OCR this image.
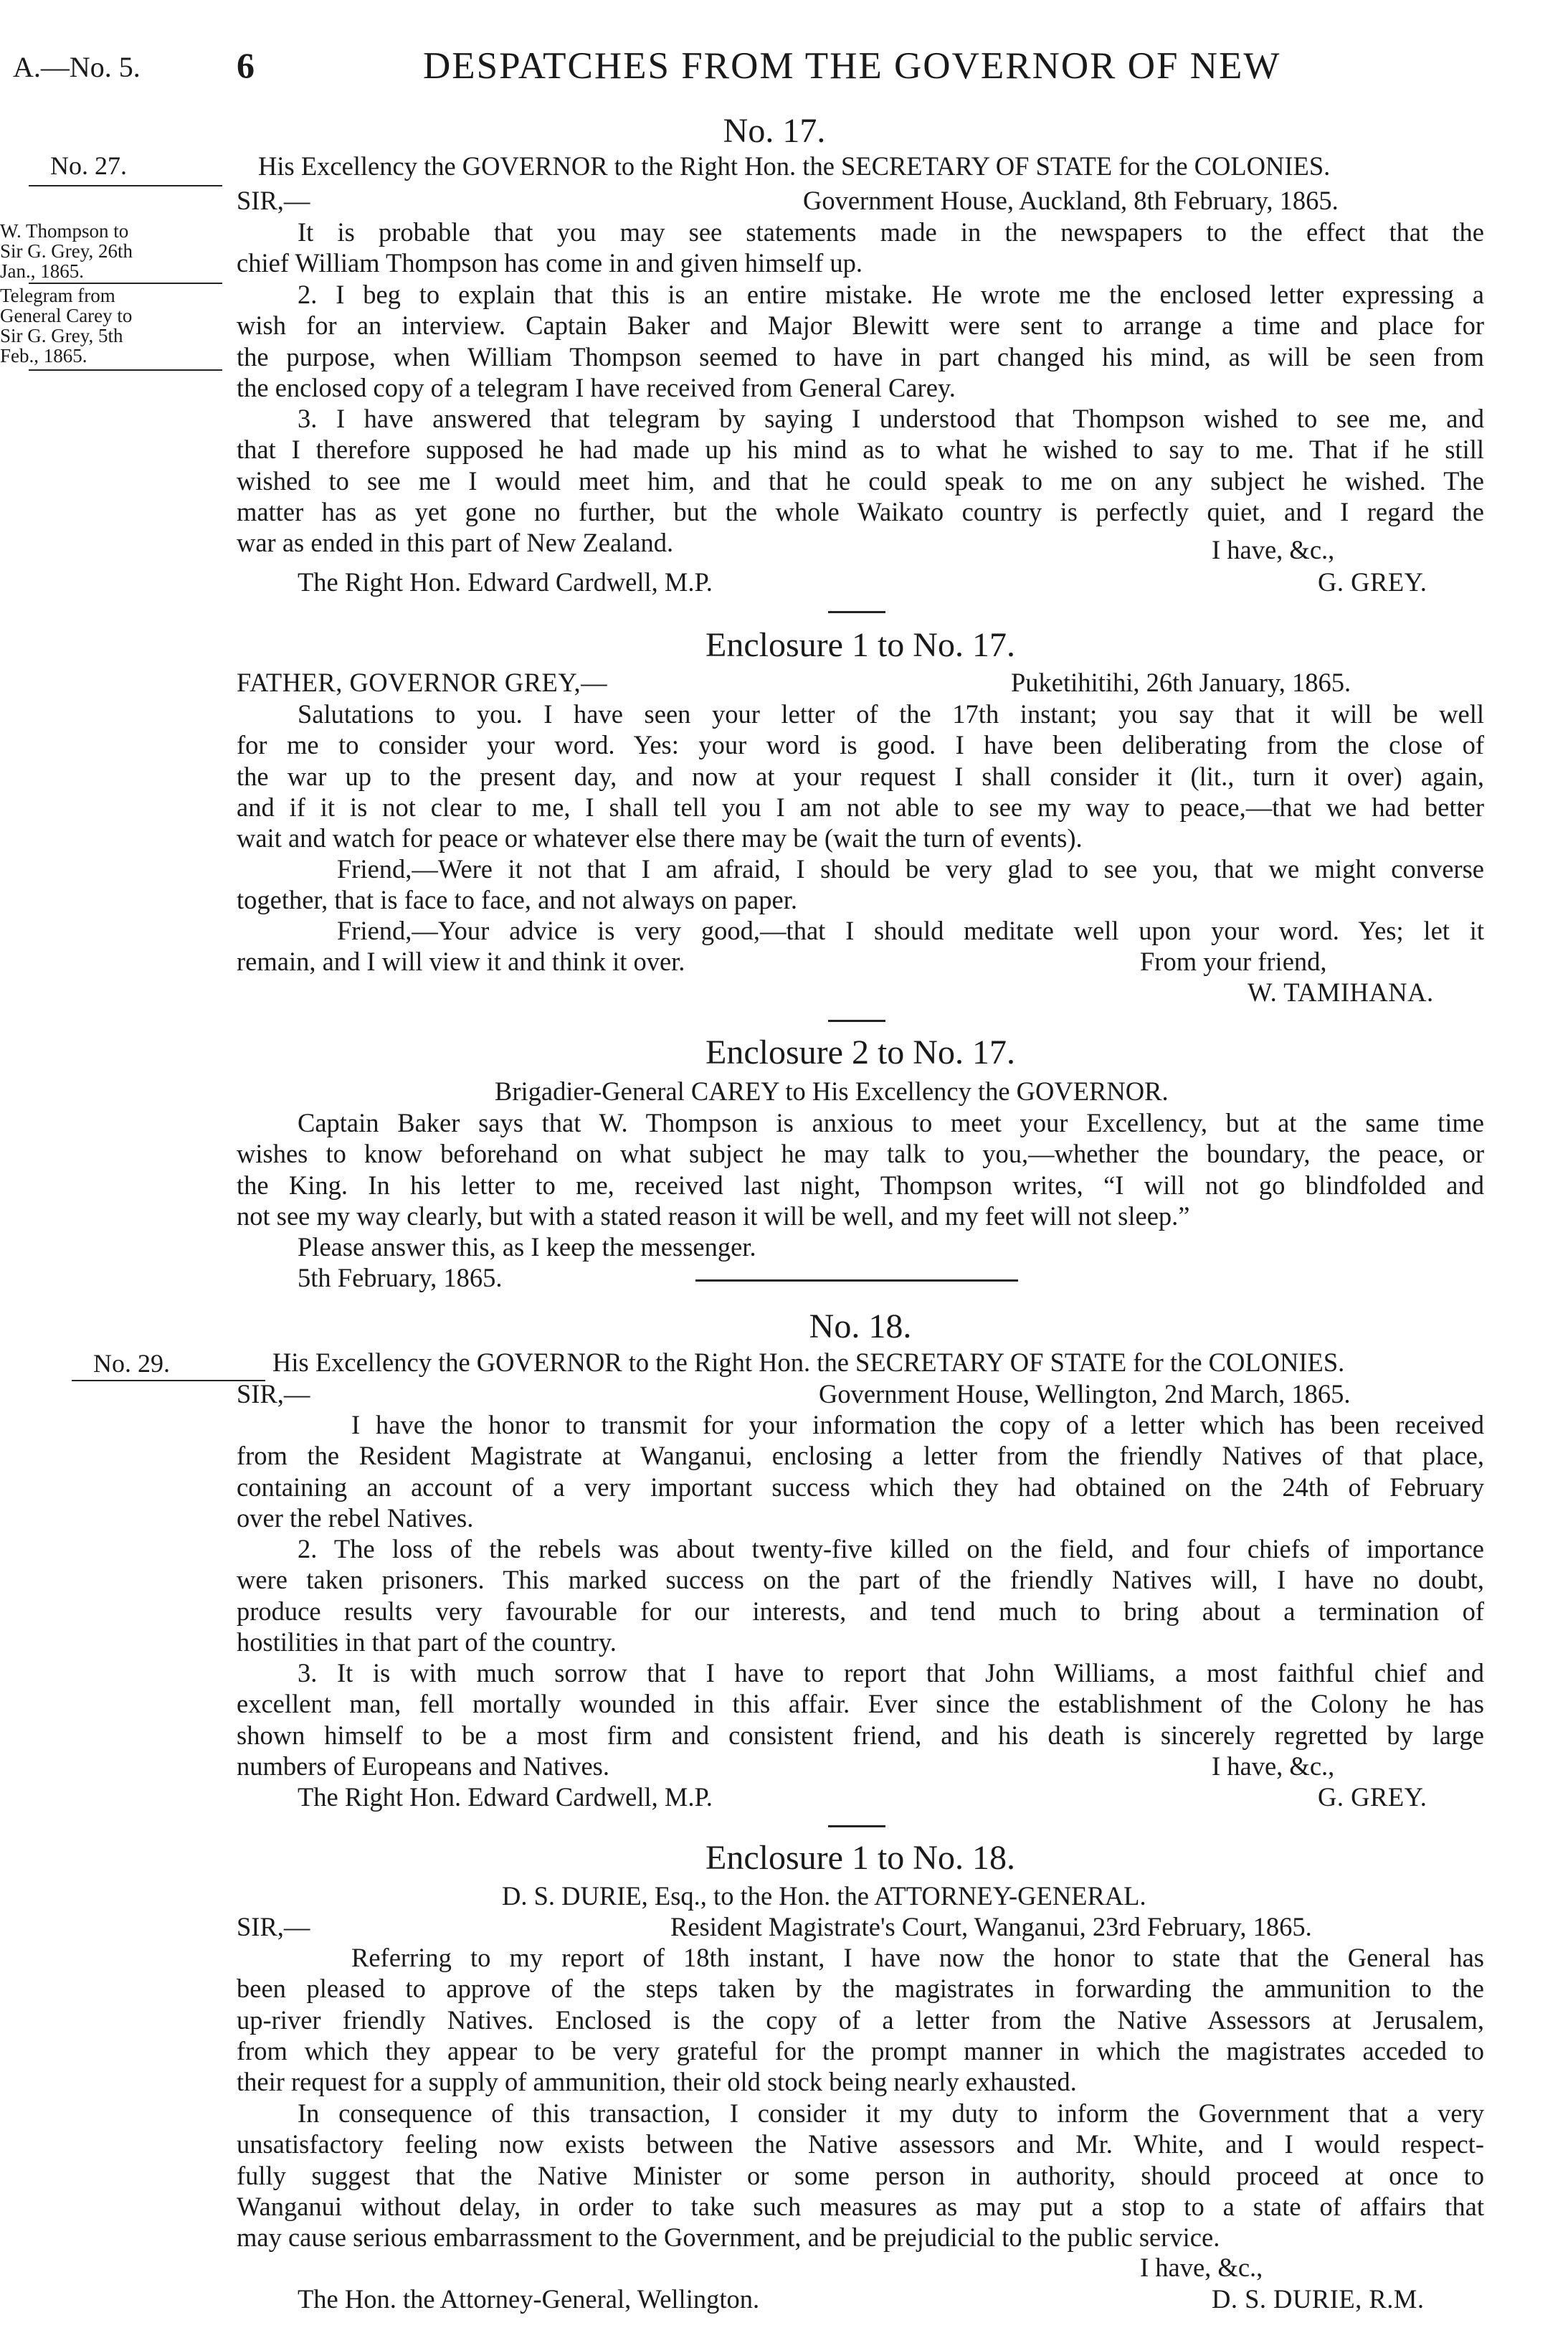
A.—No. 5.	6	DESPATCHES FROM THE GOVERNOR OF NEW
No. 17.
No. 27.	His Excellency the GOVERNOR to the Right Hon. the SECRETARY OF STATE for the COLONIES.
SIR,—	Government House, Auckland, 8th February, 1865.
W. Thompson to
Sir G. Grey, 26th
Jan., 1865.
Telegram from
General Carey to
Sir G. Grey, 5th
Feb., 1865.
It is probable that you may see statements made in the newspapers to the effect that the
chief William Thompson has come in and given himself up.
2. I beg to explain that this is an entire mistake. He wrote me the enclosed letter expressing a
wish for an interview. Captain Baker and Major Blewitt were sent to arrange a time and place for
the purpose, when William Thompson seemed to have in part changed his mind, as will be seen from
the enclosed copy of a telegram I have received from General Carey.
3. I have answered that telegram by saying I understood that Thompson wished to see me, and
that I therefore supposed he had made up his mind as to what he wished to say to me. That if he still
wished to see me I would meet him, and that he could speak to me on any subject he wished. The
matter has as yet gone no further, but the whole Waikato country is perfectly quiet, and I regard the
war as ended in this part of New Zealand.	I have, &c.,
The Right Hon. Edward Cardwell, M.P.	G. GREY.
Enclosure 1 to No. 17.
FATHER, GOVERNOR GREY,—	Puketihitihi, 26th January, 1865.
Salutations to you. I have seen your letter of the 17th instant; you say that it will be well
for me to consider your word. Yes: your word is good. I have been deliberating from the close of
the war up to the present day, and now at your request I shall consider it (lit., turn it over) again,
and if it is not clear to me, I shall tell you I am not able to see my way to peace,—that we had better
wait and watch for peace or whatever else there may be (wait the turn of events).
Friend,—Were it not that I am afraid, I should be very glad to see you, that we might converse
together, that is face to face, and not always on paper.
Friend,—Your advice is very good,—that I should meditate well upon your word. Yes; let it
remain, and I will view it and think it over.	From your friend,
W. TAMIHANA.
Enclosure 2 to No. 17.
Brigadier-General CAREY to His Excellency the GOVERNOR.
Captain Baker says that W. Thompson is anxious to meet your Excellency, but at the same time
wishes to know beforehand on what subject he may talk to you,—whether the boundary, the peace, or
the King. In his letter to me, received last night, Thompson writes, “I will not go blindfolded and
not see my way clearly, but with a stated reason it will be well, and my feet will not sleep.”
Please answer this, as I keep the messenger.
5th February, 1865.
No. 18.
No. 29.	His Excellency the GOVERNOR to the Right Hon. the SECRETARY OF STATE for the COLONIES.
SIR,—	Government House, Wellington, 2nd March, 1865.
I have the honor to transmit for your information the copy of a letter which has been received
from the Resident Magistrate at Wanganui, enclosing a letter from the friendly Natives of that place,
containing an account of a very important success which they had obtained on the 24th of February
over the rebel Natives.
2. The loss of the rebels was about twenty-five killed on the field, and four chiefs of importance
were taken prisoners. This marked success on the part of the friendly Natives will, I have no doubt,
produce results very favourable for our interests, and tend much to bring about a termination of
hostilities in that part of the country.
3. It is with much sorrow that I have to report that John Williams, a most faithful chief and
excellent man, fell mortally wounded in this affair. Ever since the establishment of the Colony he has
shown himself to be a most firm and consistent friend, and his death is sincerely regretted by large
numbers of Europeans and Natives.	I have, &c.,
The Right Hon. Edward Cardwell, M.P.	G. GREY.
Enclosure 1 to No. 18.
D. S. DURIE, Esq., to the Hon. the ATTORNEY-GENERAL.
SIR,—	Resident Magistrate's Court, Wanganui, 23rd February, 1865.
Referring to my report of 18th instant, I have now the honor to state that the General has
been pleased to approve of the steps taken by the magistrates in forwarding the ammunition to the
up-river friendly Natives. Enclosed is the copy of a letter from the Native Assessors at Jerusalem,
from which they appear to be very grateful for the prompt manner in which the magistrates acceded to
their request for a supply of ammunition, their old stock being nearly exhausted.
In consequence of this transaction, I consider it my duty to inform the Government that a very
unsatisfactory feeling now exists between the Native assessors and Mr. White, and I would respect-
fully suggest that the Native Minister or some person in authority, should proceed at once to
Wanganui without delay, in order to take such measures as may put a stop to a state of affairs that
may cause serious embarrassment to the Government, and be prejudicial to the public service.
I have, &c.,
The Hon. the Attorney-General, Wellington.	D. S. DURIE, R.M.
